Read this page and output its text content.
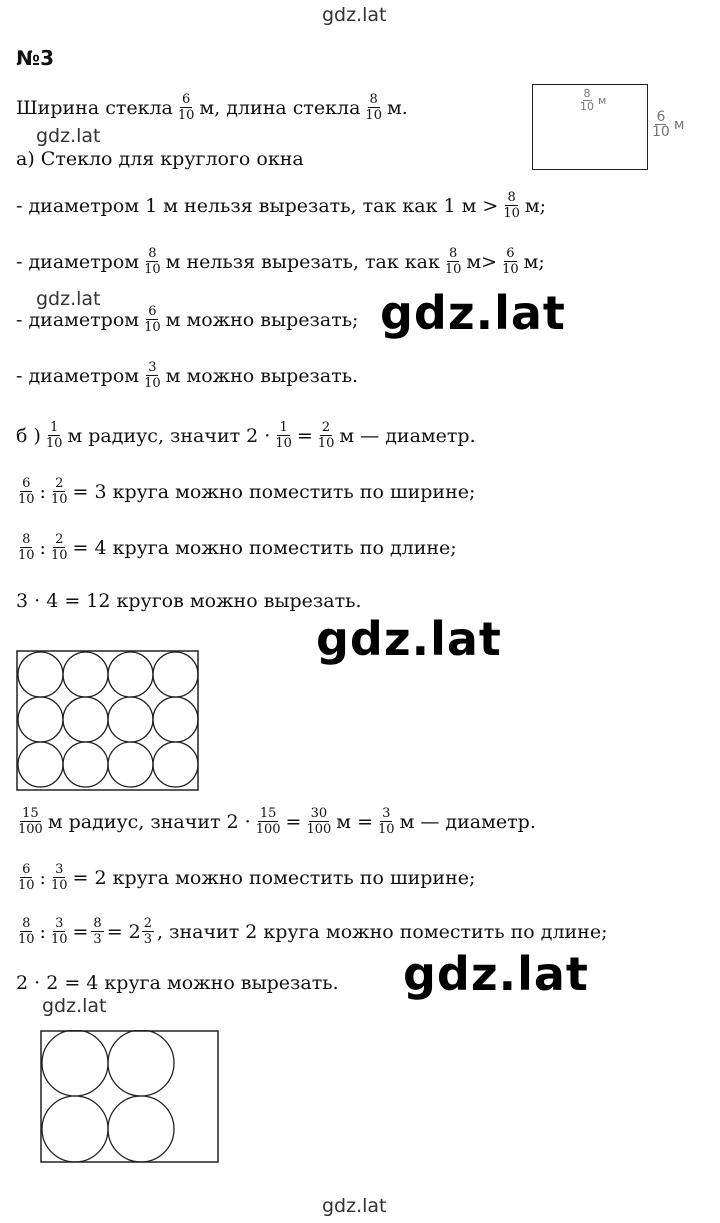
gdz.lat
gdz.lat
gdz.lat
gdz.lat
gdz.lat
gdz.lat
gdz.lat
gdz.lat
№3
Ширина стекла $\frac{6}{10} м$, длина стекла $\frac{8}{10} м$.
8
10 м
6
10 м
а) Стекло для круглого окна
- диаметром 1 м нельзя вырезать, так как 1 $м > \frac{8}{10} м$;
- диаметром $\frac{8}{10}$ м нельзя вырезать, так как $\frac{8}{10} м> \frac{6}{10} м$;
- диаметром $\frac{6}{10}$ м можно вырезать;
- диаметром $\frac{3}{10}$ м можно вырезать.
б ) $\frac{1}{10}$ м радиус, значит $2 \cdot \frac{1}{10} = \frac{2}{10}$ м — диаметр.
$\frac{6}{10}$ : $\frac{2}{10} = 3$ круга можно поместить по ширине;
$\frac{8}{10}$ : $\frac{2}{10} = 4$ круга можно поместить по длине;
3 · 4 = 12 кругов можно вырезать.
$\frac{15}{100}$ м радиус, значит $2 \cdot \frac{15}{100} = \frac{30}{100}$ $м = \frac{3}{10}$ м — диаметр.
$\frac{6}{10}$ : $\frac{3}{10} = 2$ круга можно поместить по ширине;
$\frac{8}{10}$ : $\frac{3}{10} = \frac{8}{3} = 2 \frac{2}{3}$ , значит 2 круга можно поместить по длине;
2 · 2 = 4 круга можно вырезать.
